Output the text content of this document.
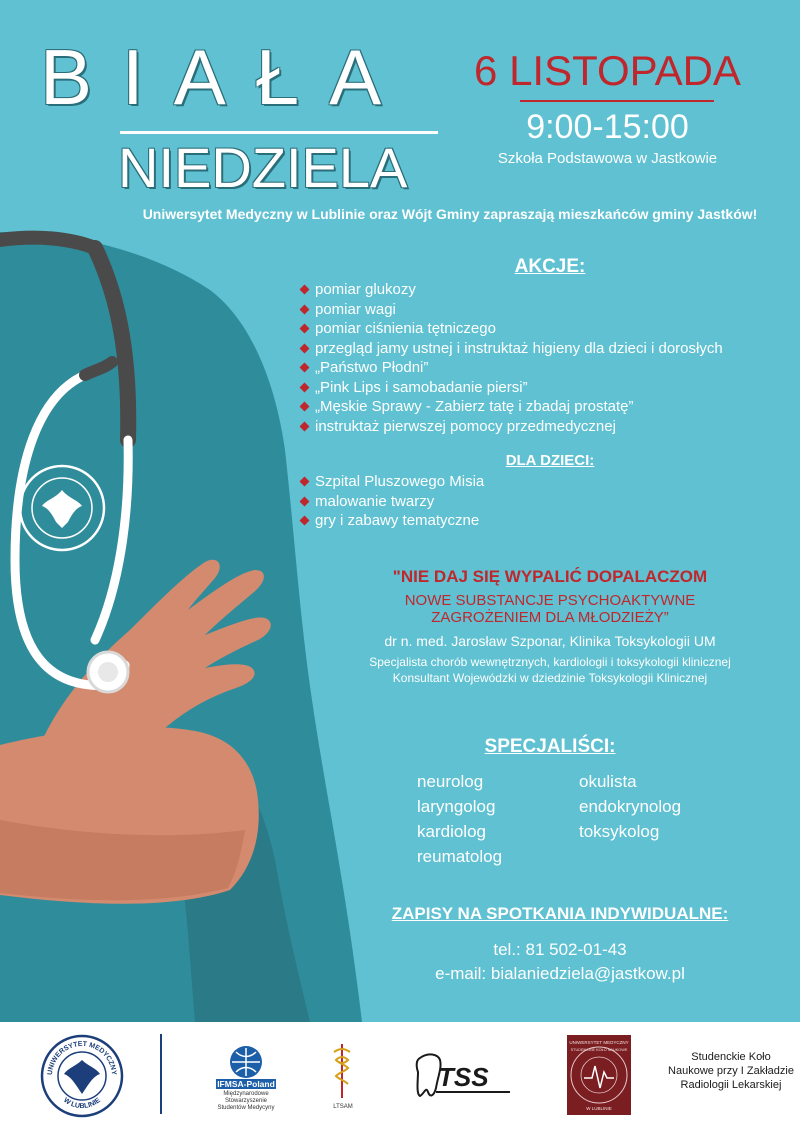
BIAŁA
NIEDZIELA
6 LISTOPADA
9:00-15:00
Szkoła Podstawowa w Jastkowie
Uniwersytet Medyczny w Lublinie oraz Wójt Gminy zapraszają mieszkańców gminy Jastków!
AKCJE:
pomiar glukozy
pomiar wagi
pomiar ciśnienia tętniczego
przegląd jamy ustnej i instruktaż higieny dla dzieci i dorosłych
„Państwo Płodni”
„Pink Lips i samobadanie piersi”
„Męskie Sprawy - Zabierz tatę i zbadaj prostatę”
instruktaż pierwszej pomocy przedmedycznej
DLA DZIECI:
Szpital Pluszowego Misia
malowanie twarzy
gry i zabawy tematyczne
"NIE DAJ SIĘ WYPALIĆ DOPALACZOM
NOWE SUBSTANCJE PSYCHOAKTYWNE
ZAGROŻENIEM DLA MŁODZIEŻY”
dr n. med. Jarosław Szponar, Klinika Toksykologii UM
Specjalista chorób wewnętrznych, kardiologii i toksykologii klinicznej
Konsultant Wojewódzki w dziedzinie Toksykologii Klinicznej
SPECJALIŚCI:
neurolog
laryngolog
kardiolog
reumatolog
okulista
endokrynolog
toksykolog
ZAPISY NA SPOTKANIA INDYWIDUALNE:
tel.: 81 502-01-43
e-mail: bialaniedziela@jastkow.pl
UNIWERSYTET MEDYCZNY
W LUBLINIE
IFMSA-Poland
Międzynarodowe Stowarzyszenie
Studentów Medycyny	LTSAM
TSS
UNIWERSYTET MEDYCZNY
STUDENCKIE KOŁO NAUKOWE
W LUBLINIE
Studenckie Koło Naukowe przy I Zakładzie Radiologii Lekarskiej
